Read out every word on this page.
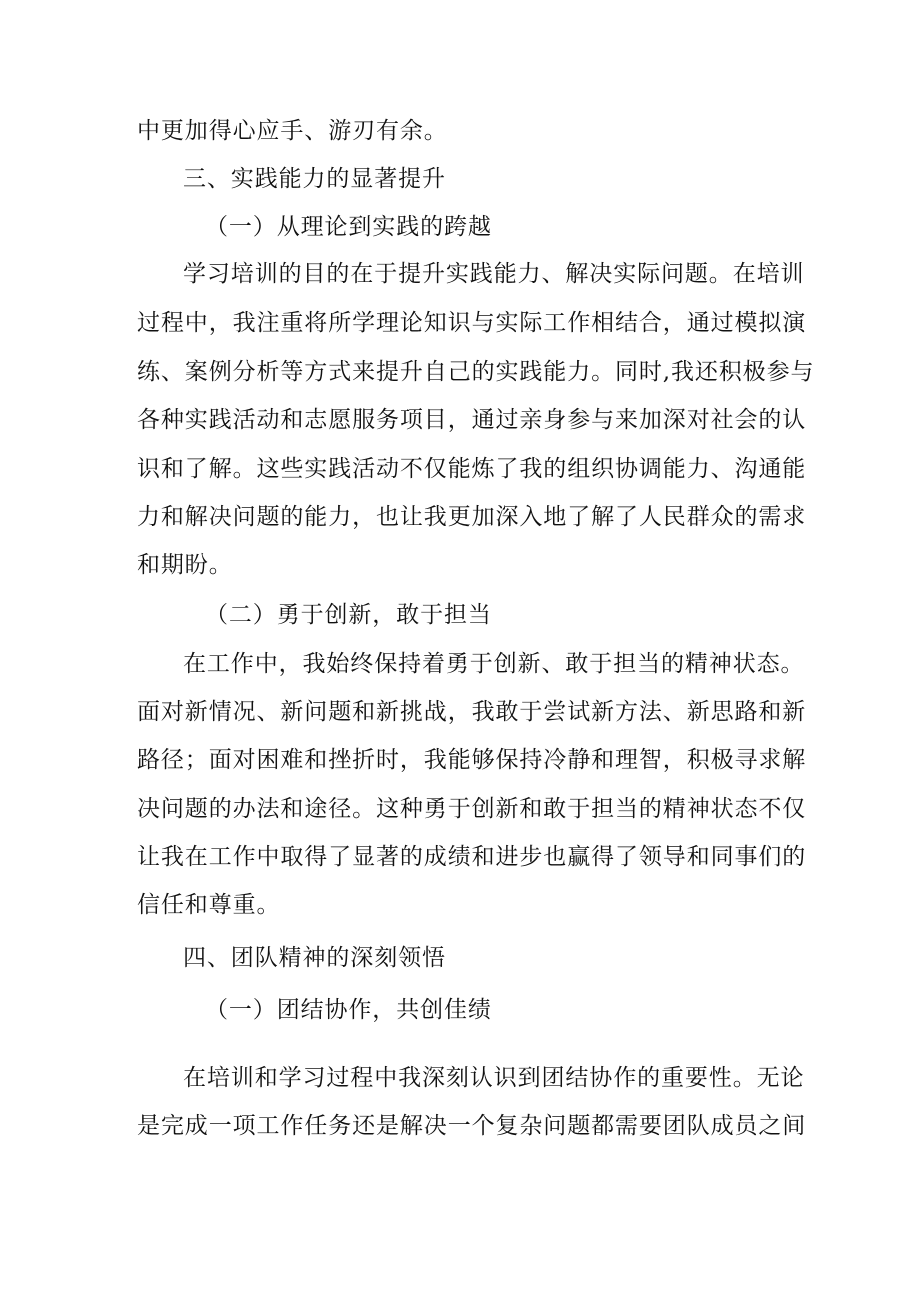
中更加得心应手、游刃有余。

三、实践能力的显著提升

（一）从理论到实践的跨越

学习培训的目的在于提升实践能力、解决实际问题。在培训

过程中，我注重将所学理论知识与实际工作相结合，通过模拟演

练、案例分析等方式来提升自己的实践能力。同时,我还积极参与

各种实践活动和志愿服务项目，通过亲身参与来加深对社会的认

识和了解。这些实践活动不仅能炼了我的组织协调能力、沟通能

力和解决问题的能力，也让我更加深入地了解了人民群众的需求

和期盼。

（二）勇于创新，敢于担当

在工作中，我始终保持着勇于创新、敢于担当的精神状态。

面对新情况、新问题和新挑战，我敢于尝试新方法、新思路和新

路径；面对困难和挫折时，我能够保持冷静和理智，积极寻求解

决问题的办法和途径。这种勇于创新和敢于担当的精神状态不仅

让我在工作中取得了显著的成绩和进步也赢得了领导和同事们的

信任和尊重。

四、团队精神的深刻领悟

（一）团结协作，共创佳绩

在培训和学习过程中我深刻认识到团结协作的重要性。无论

是完成一项工作任务还是解决一个复杂问题都需要团队成员之间
